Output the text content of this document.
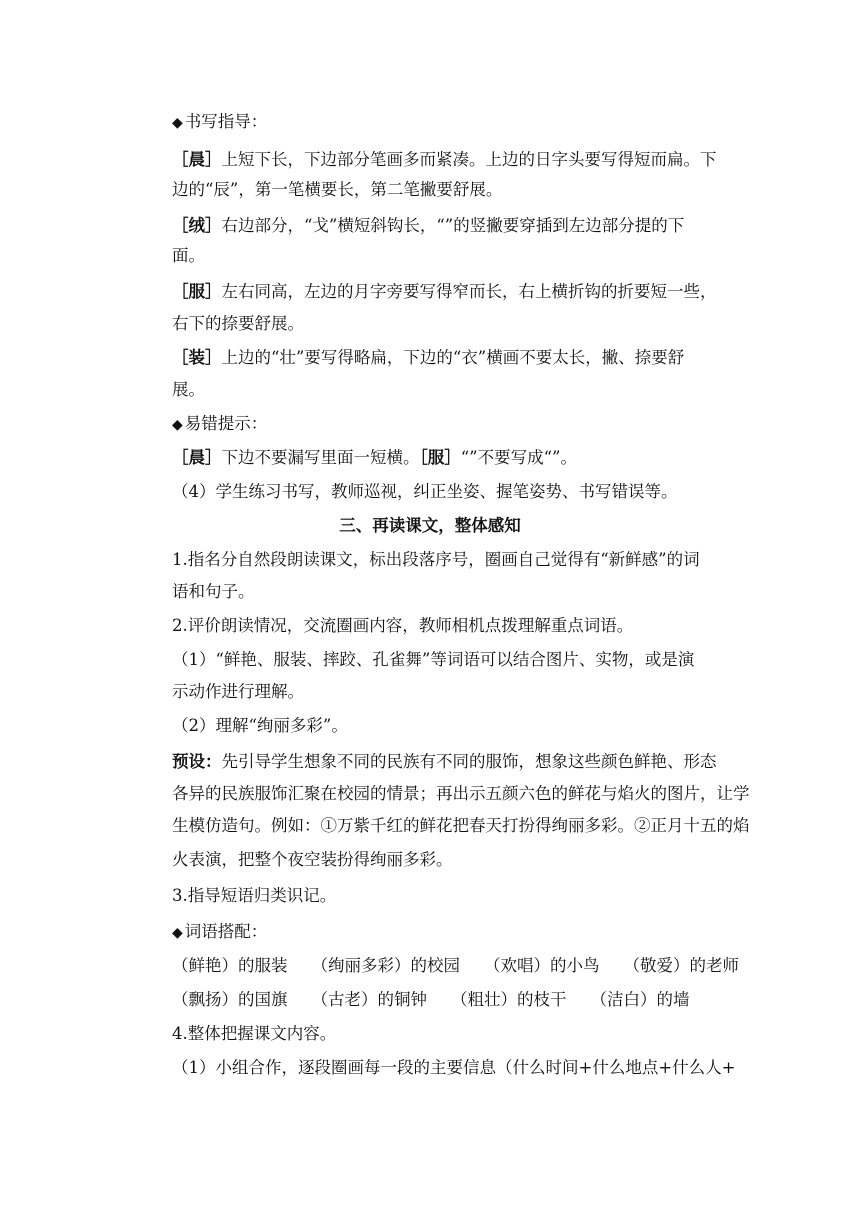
◆ 书写指导：
［晨］上短下长，下边部分笔画多而紧凑。上边的日字头要写得短而扁。下
边的“辰”，第一笔横要长，第二笔撇要舒展。
［绒］右边部分，“戈”横短斜钩长，“”的竖撇要穿插到左边部分提的下
面。
［服］左右同高，左边的月字旁要写得窄而长，右上横折钩的折要短一些，
右下的捺要舒展。
［装］上边的“壮”要写得略扁，下边的“衣”横画不要太长，撇、捺要舒
展。
◆ 易错提示：
［晨］下边不要漏写里面一短横。［服］“”不要写成“”。
（4）学生练习书写，教师巡视，纠正坐姿、握笔姿势、书写错误等。
三、再读课文，整体感知
1.指名分自然段朗读课文，标出段落序号，圈画自己觉得有“新鲜感”的词
语和句子。
2.评价朗读情况，交流圈画内容，教师相机点拨理解重点词语。
（1）“鲜艳、服装、摔跤、孔雀舞”等词语可以结合图片、实物，或是演
示动作进行理解。
（2）理解“绚丽多彩”。
预设：先引导学生想象不同的民族有不同的服饰，想象这些颜色鲜艳、形态
各异的民族服饰汇聚在校园的情景；再出示五颜六色的鲜花与焰火的图片，让学
生模仿造句。例如：①万紫千红的鲜花把春天打扮得绚丽多彩。②正月十五的焰
火表演，把整个夜空装扮得绚丽多彩。
3.指导短语归类识记。
◆ 词语搭配：
（鲜艳）的服装 （绚丽多彩）的校园 （欢唱）的小鸟 （敬爱）的老师
（飘扬）的国旗 （古老）的铜钟 （粗壮）的枝干 （洁白）的墙
4.整体把握课文内容。
（1）小组合作，逐段圈画每一段的主要信息（什么时间+什么地点+什么人+
